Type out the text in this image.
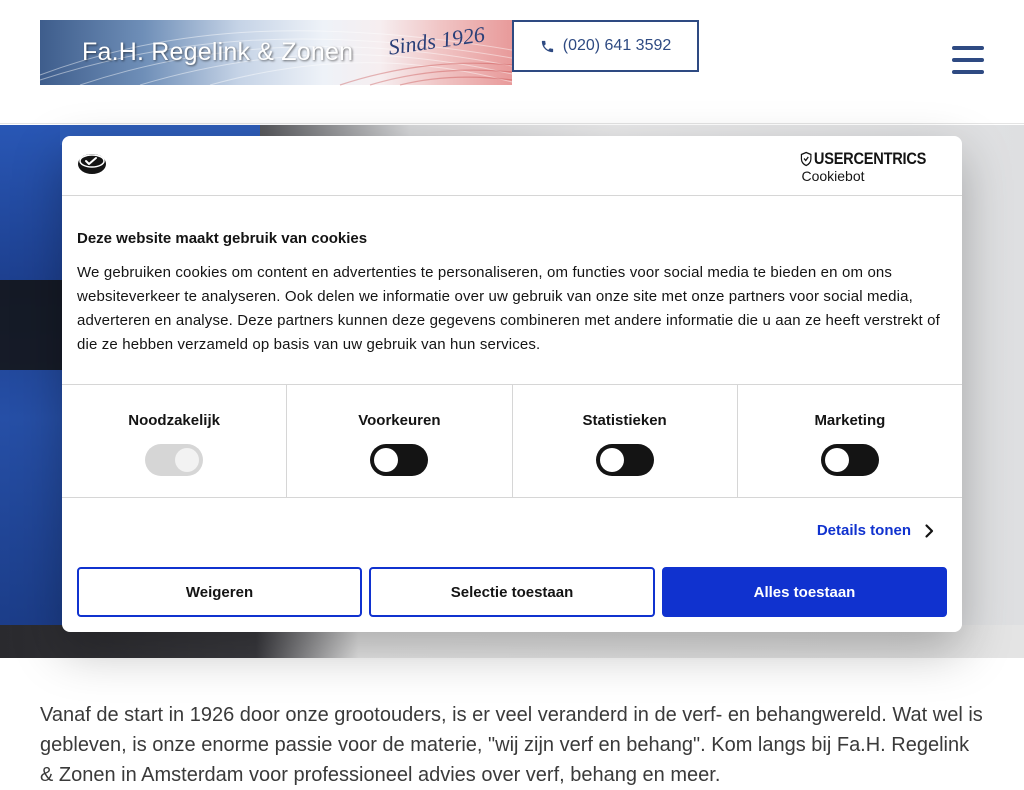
Fa.H. Regelink & Zonen Sinds 1926	(020) 641 3592
USERCENTRICS
Cookiebot
Deze website maakt gebruik van cookies
We gebruiken cookies om content en advertenties te personaliseren, om functies voor social media te bieden en om ons websiteverkeer te analyseren. Ook delen we informatie over uw gebruik van onze site met onze partners voor social media, adverteren en analyse. Deze partners kunnen deze gegevens combineren met andere informatie die u aan ze heeft verstrekt of die ze hebben verzameld op basis van uw gebruik van hun services.
Noodzakelijk	Voorkeuren	Statistieken	Marketing
Details tonen
Weigeren	Selectie toestaan	Alles toestaan
Vanaf de start in 1926 door onze grootouders, is er veel veranderd in de verf- en behangwereld. Wat wel is gebleven, is onze enorme passie voor de materie, "wij zijn verf en behang". Kom langs bij Fa.H. Regelink & Zonen in Amsterdam voor professioneel advies over verf, behang en meer.
